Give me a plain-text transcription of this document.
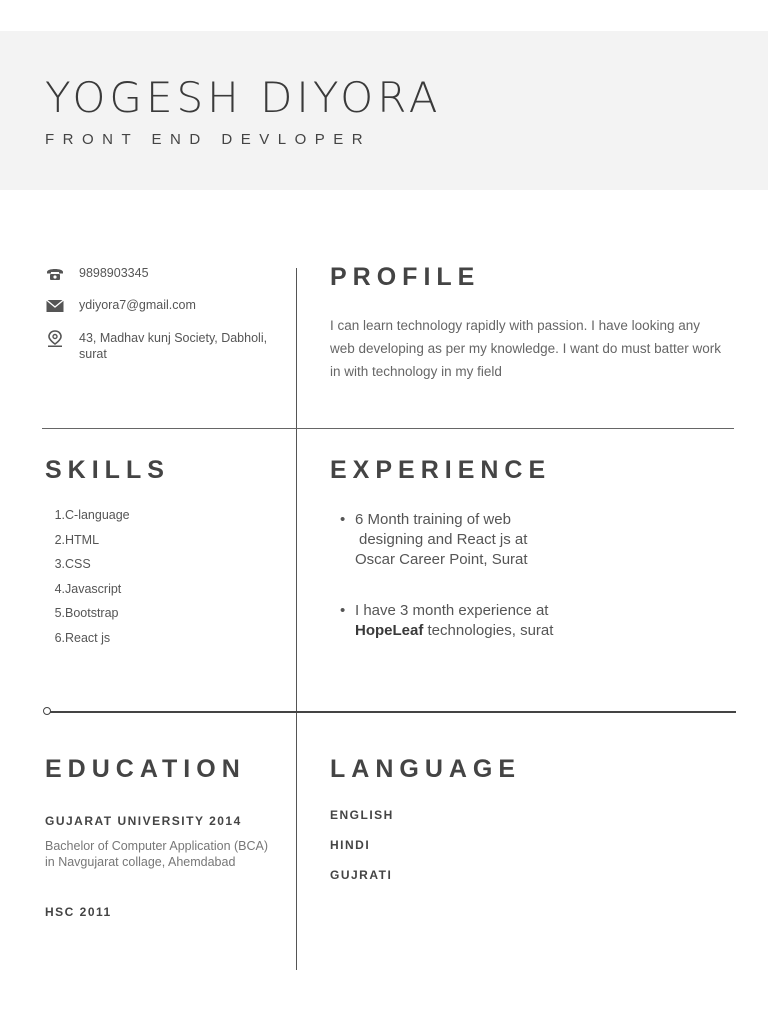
YOGESH DIYORA

FRONT END DEVLOPER

9898903345
ydiyora7@gmail.com
43, Madhav kunj Society, Dabholi, surat
PROFILE

I can learn technology rapidly with passion. I have looking any web developing as per my knowledge. I want do must batter work in with technology in my field

SKILLS
1. C-language
2. HTML
3. CSS
4. Javascript
5. Bootstrap
6. React js
EXPERIENCE
• 6 Month training of web
designing and React js at
Oscar Career Point, Surat
• I have 3 month experience at
HopeLeaf technologies, surat
EDUCATION

GUJARAT UNIVERSITY 2014

Bachelor of Computer Application (BCA) in Navgujarat collage, Ahemdabad

HSC 2011

LANGUAGE

ENGLISH

HINDI

GUJRATI
